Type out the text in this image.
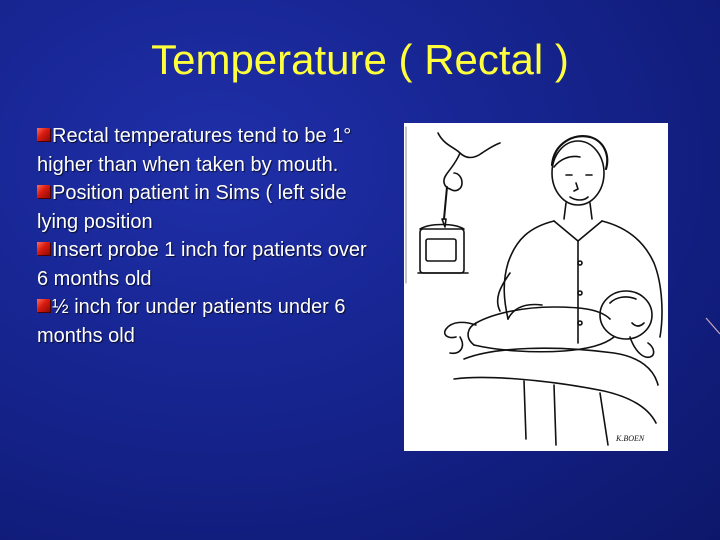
Temperature ( Rectal )

Rectal temperatures tend to be 1° higher than when taken by mouth.

Position patient in Sims ( left side lying position

Insert probe 1 inch for patients over 6 months old

½ inch for under patients under 6 months old

K.BOEN
